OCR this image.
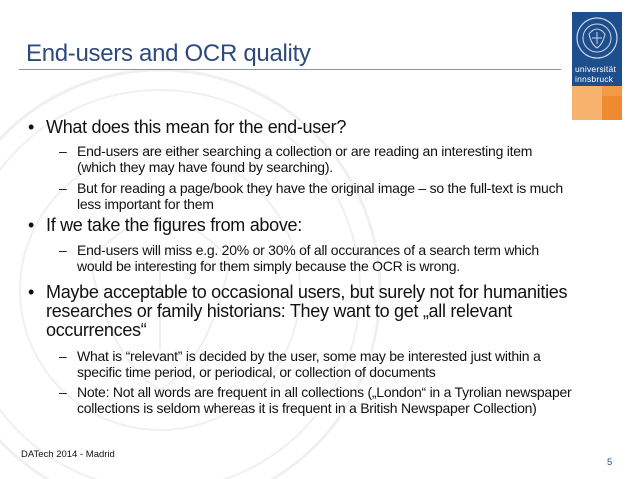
End-users and OCR quality
universität
innsbruck
• What does this mean for the end-user?
– End-users are either searching a collection or are reading an interesting item (which they may have found by searching).
– But for reading a page/book they have the original image – so the full-text is much less important for them
• If we take the figures from above:
– End-users will miss e.g. 20% or 30% of all occurances of a search term which would be interesting for them simply because the OCR is wrong.
• Maybe acceptable to occasional users, but surely not for humanities researches or family historians: They want to get „all relevant occurrences“
– What is “relevant” is decided by the user, some may be interested just within a specific time period, or periodical, or collection of documents
– Note: Not all words are frequent in all collections („London“ in a Tyrolian newspaper collections is seldom whereas it is frequent in a British Newspaper Collection)
DATech 2014 - Madrid
5
